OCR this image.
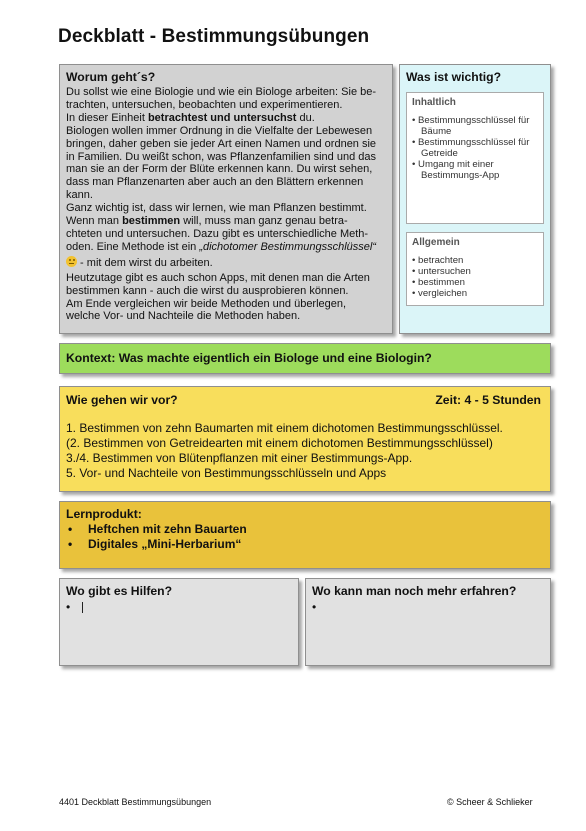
Deckblatt - Bestimmungsübungen
Worum geht´s?

Du sollst wie eine Biologie und wie ein Biologe arbeiten: Sie be-

trachten, untersuchen, beobachten und experimentieren.

In dieser Einheit betrachtest und untersuchst du.

Biologen wollen immer Ordnung in die Vielfalte der Lebewesen

bringen, daher geben sie jeder Art einen Namen und ordnen sie

in Familien. Du weißt schon, was Pflanzenfamilien sind und das

man sie an der Form der Blüte erkennen kann. Du wirst sehen,

dass man Pflanzenarten aber auch an den Blättern erkennen

kann.

Ganz wichtig ist, dass wir lernen, wie man Pflanzen bestimmt.

Wenn man bestimmen will, muss man ganz genau betra-

chteten und untersuchen. Dazu gibt es unterschiedliche Meth-

oden. Eine Methode ist ein „dichotomer Bestimmungsschlüssel“

- mit dem wirst du arbeiten.

Heutzutage gibt es auch schon Apps, mit denen man die Arten

bestimmen kann - auch die wirst du ausprobieren können.

Am Ende vergleichen wir beide Methoden und überlegen,

welche Vor- und Nachteile die Methoden haben.

Was ist wichtig?
Inhaltlich
• Bestimmungsschlüssel für Bäume
• Bestimmungsschlüssel für Getreide
• Umgang mit einer Bestimmungs-App
Allgemein
• betrachten
• untersuchen
• bestimmen
• vergleichen
Kontext: Was machte eigentlich ein Biologe und eine Biologin?
Wie gehen wir vor?	Zeit: 4 - 5 Stunden
1. Bestimmen von zehn Baumarten mit einem dichotomen Bestimmungsschlüssel.
(2. Bestimmen von Getreidearten mit einem dichotomen Bestimmungsschlüssel)
3./4. Bestimmen von Blütenpflanzen mit einer Bestimmungs-App.
5. Vor- und Nachteile von Bestimmungsschlüsseln und Apps
Lernprodukt:
• Heftchen mit zehn Bauarten
• Digitales „Mini-Herbarium“
Wo gibt es Hilfen?
•
Wo kann man noch mehr erfahren?
•
4401 Deckblatt Bestimmungsübungen	© Scheer & Schlieker
